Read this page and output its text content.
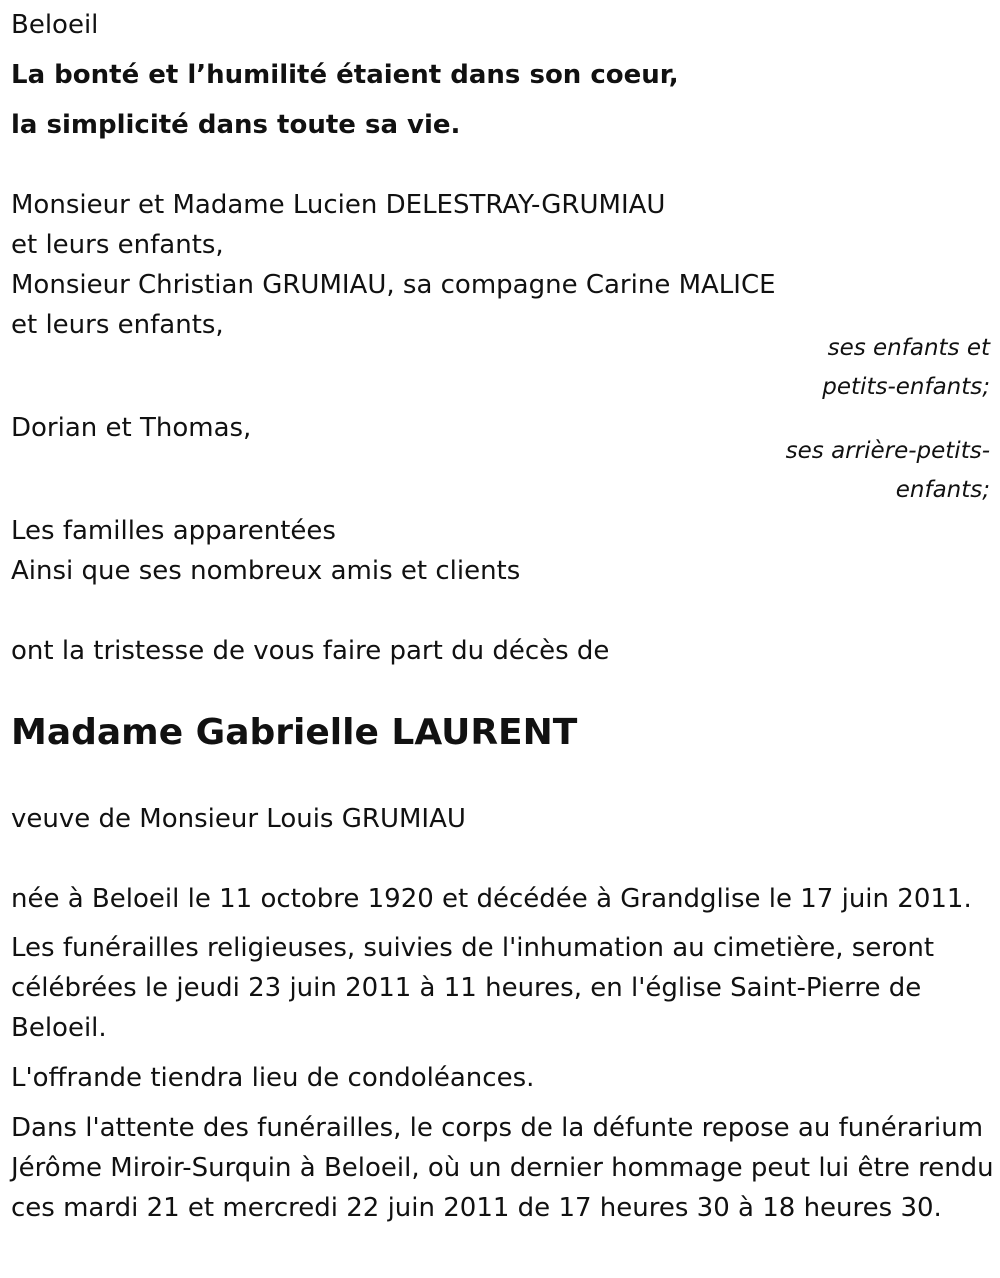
Beloeil
La bonté et l’humilité étaient dans son coeur,
la simplicité dans toute sa vie.
Monsieur et Madame Lucien DELESTRAY-GRUMIAU
et leurs enfants,
Monsieur Christian GRUMIAU, sa compagne Carine MALICE
et leurs enfants,
ses enfants et
petits-enfants;
Dorian et Thomas,
ses arrière-petits-
enfants;
Les familles apparentées
Ainsi que ses nombreux amis et clients
ont la tristesse de vous faire part du décès de
Madame Gabrielle LAURENT
veuve de Monsieur Louis GRUMIAU
née à Beloeil le 11 octobre 1920 et décédée à Grandglise le 17 juin 2011.
Les funérailles religieuses, suivies de l'inhumation au cimetière, seront célébrées le jeudi 23 juin 2011 à 11 heures, en l'église Saint-Pierre de Beloeil.
L'offrande tiendra lieu de condoléances.
Dans l'attente des funérailles, le corps de la défunte repose au funérarium Jérôme Miroir-Surquin à Beloeil, où un dernier hommage peut lui être rendu ces mardi 21 et mercredi 22 juin 2011 de 17 heures 30 à 18 heures 30.
